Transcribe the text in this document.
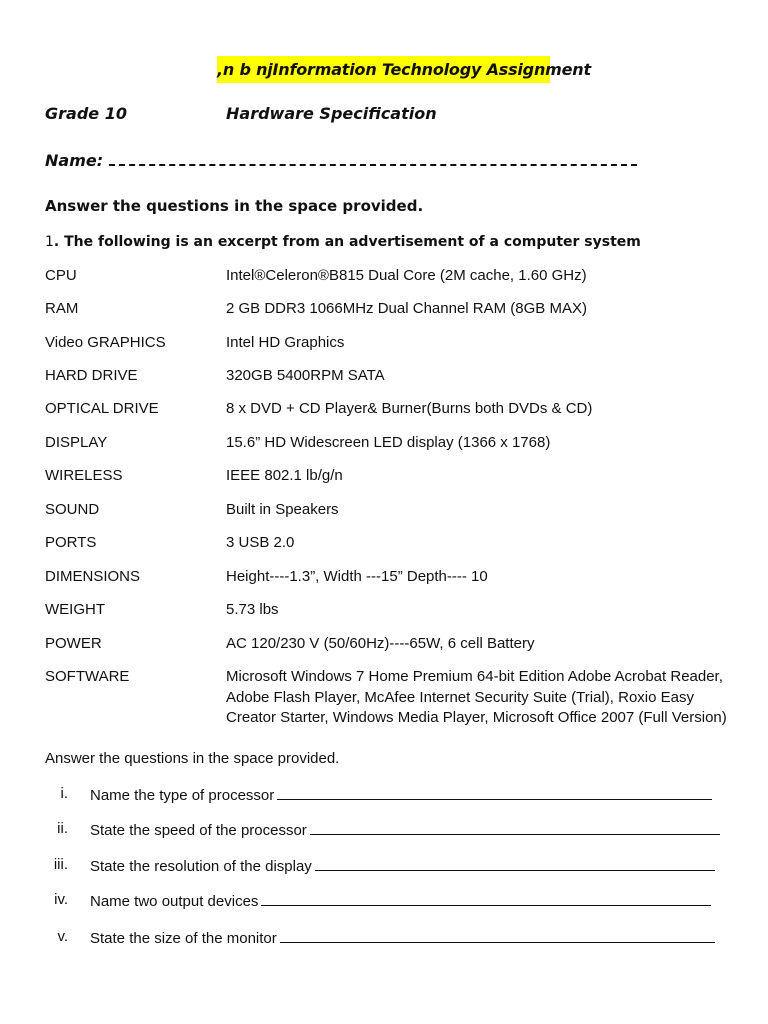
,n b njInformation Technology Assignment
Grade 10	Hardware Specification
Name:
Answer the questions in the space provided.
1. The following is an excerpt from an advertisement of a computer system
CPU	Intel®Celeron®B815 Dual Core (2M cache, 1.60 GHz)
RAM	2 GB DDR3 1066MHz Dual Channel RAM (8GB MAX)
Video GRAPHICS	Intel HD Graphics
HARD DRIVE	320GB 5400RPM SATA
OPTICAL DRIVE	8 x DVD + CD Player& Burner(Burns both DVDs & CD)
DISPLAY	15.6” HD Widescreen LED display (1366 x 1768)
WIRELESS	IEEE 802.1 lb/g/n
SOUND	Built in Speakers
PORTS	3 USB 2.0
DIMENSIONS	Height----1.3”, Width ---15” Depth---- 10
WEIGHT	5.73 lbs
POWER	AC 120/230 V (50/60Hz)----65W, 6 cell Battery
SOFTWARE	Microsoft Windows 7 Home Premium 64-bit Edition Adobe Acrobat Reader, Adobe Flash Player, McAfee Internet Security Suite (Trial), Roxio Easy Creator Starter, Windows Media Player, Microsoft Office 2007 (Full Version)
Answer the questions in the space provided.
i. Name the type of processor
ii. State the speed of the processor
iii. State the resolution of the display
iv. Name two output devices
v. State the size of the monitor
